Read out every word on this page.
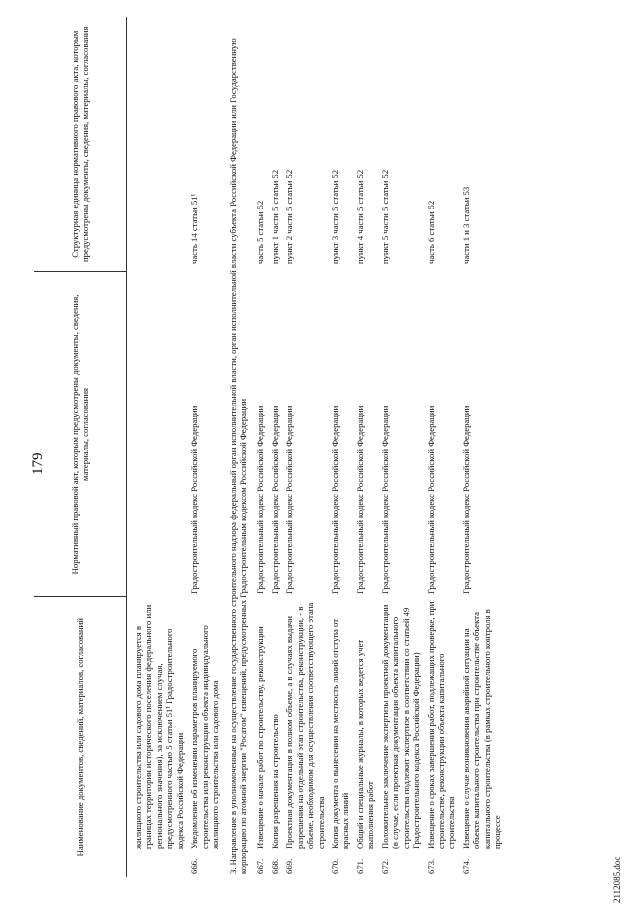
179
Наименование документов, сведений, материалов, согласований		Нормативный правовой акт, которым предусмотрены документы, сведения, материалы, согласования	Структурная единица нормативного правового акта, которым предусмотрены документы, сведения, материалы, согласования
	жилищного строительства или садового дома планируется в границах территории исторического поселения федерального или регионального значения), за исключением случая, предусмотренного частью 5 статьи 51¹ Градостроительного кодекса Российской Федерации		
666.	Уведомление об изменении параметров планируемого строительства или реконструкции объекта индивидуального жилищного строительства или садового дома	Градостроительный кодекс Российской Федерации	часть 14 статьи 51¹
3. Направление в уполномоченные на осуществление государственного строительного надзора федеральный орган исполнительной власти, орган исполнительной власти субъекта Российской Федерации или Государственную корпорацию по атомной энергии "Росатом" извещений, предусмотренных Градостроительным кодексом Российской Федерации			
667.	Извещение о начале работ по строительству, реконструкции	Градостроительный кодекс Российской Федерации	часть 5 статьи 52
668.	Копия разрешения на строительство	Градостроительный кодекс Российской Федерации	пункт 1 части 5 статьи 52
669.	Проектная документация в полном объеме, а в случаях выдачи разрешения на отдельный этап строительства, реконструкции, - в объеме, необходимом для осуществления соответствующего этапа строительства	Градостроительный кодекс Российской Федерации	пункт 2 части 5 статьи 52
670.	Копия документа о вынесении на местность линий отступа от красных линий	Градостроительный кодекс Российской Федерации	пункт 3 части 5 статьи 52
671.	Общий и специальные журналы, в которых ведется учет выполнения работ	Градостроительный кодекс Российской Федерации	пункт 4 части 5 статьи 52
672.	Положительное заключение экспертизы проектной документации (в случае, если проектная документация объекта капитального строительства подлежит экспертизе в соответствии со статьей 49 Градостроительного кодекса Российской Федерации)	Градостроительный кодекс Российской Федерации	пункт 5 части 5 статьи 52
673.	Извещение о сроках завершения работ, подлежащих проверке, при строительстве, реконструкции объекта капитального строительства	Градостроительный кодекс Российской Федерации	часть 6 статьи 52
674.	Извещение о случае возникновения аварийной ситуации на объекте капитального строительства при строительстве объекта капитального строительства (в рамках строительного контроля в процессе	Градостроительный кодекс Российской Федерации	части 1 и 3 статьи 53
2112085.doc
